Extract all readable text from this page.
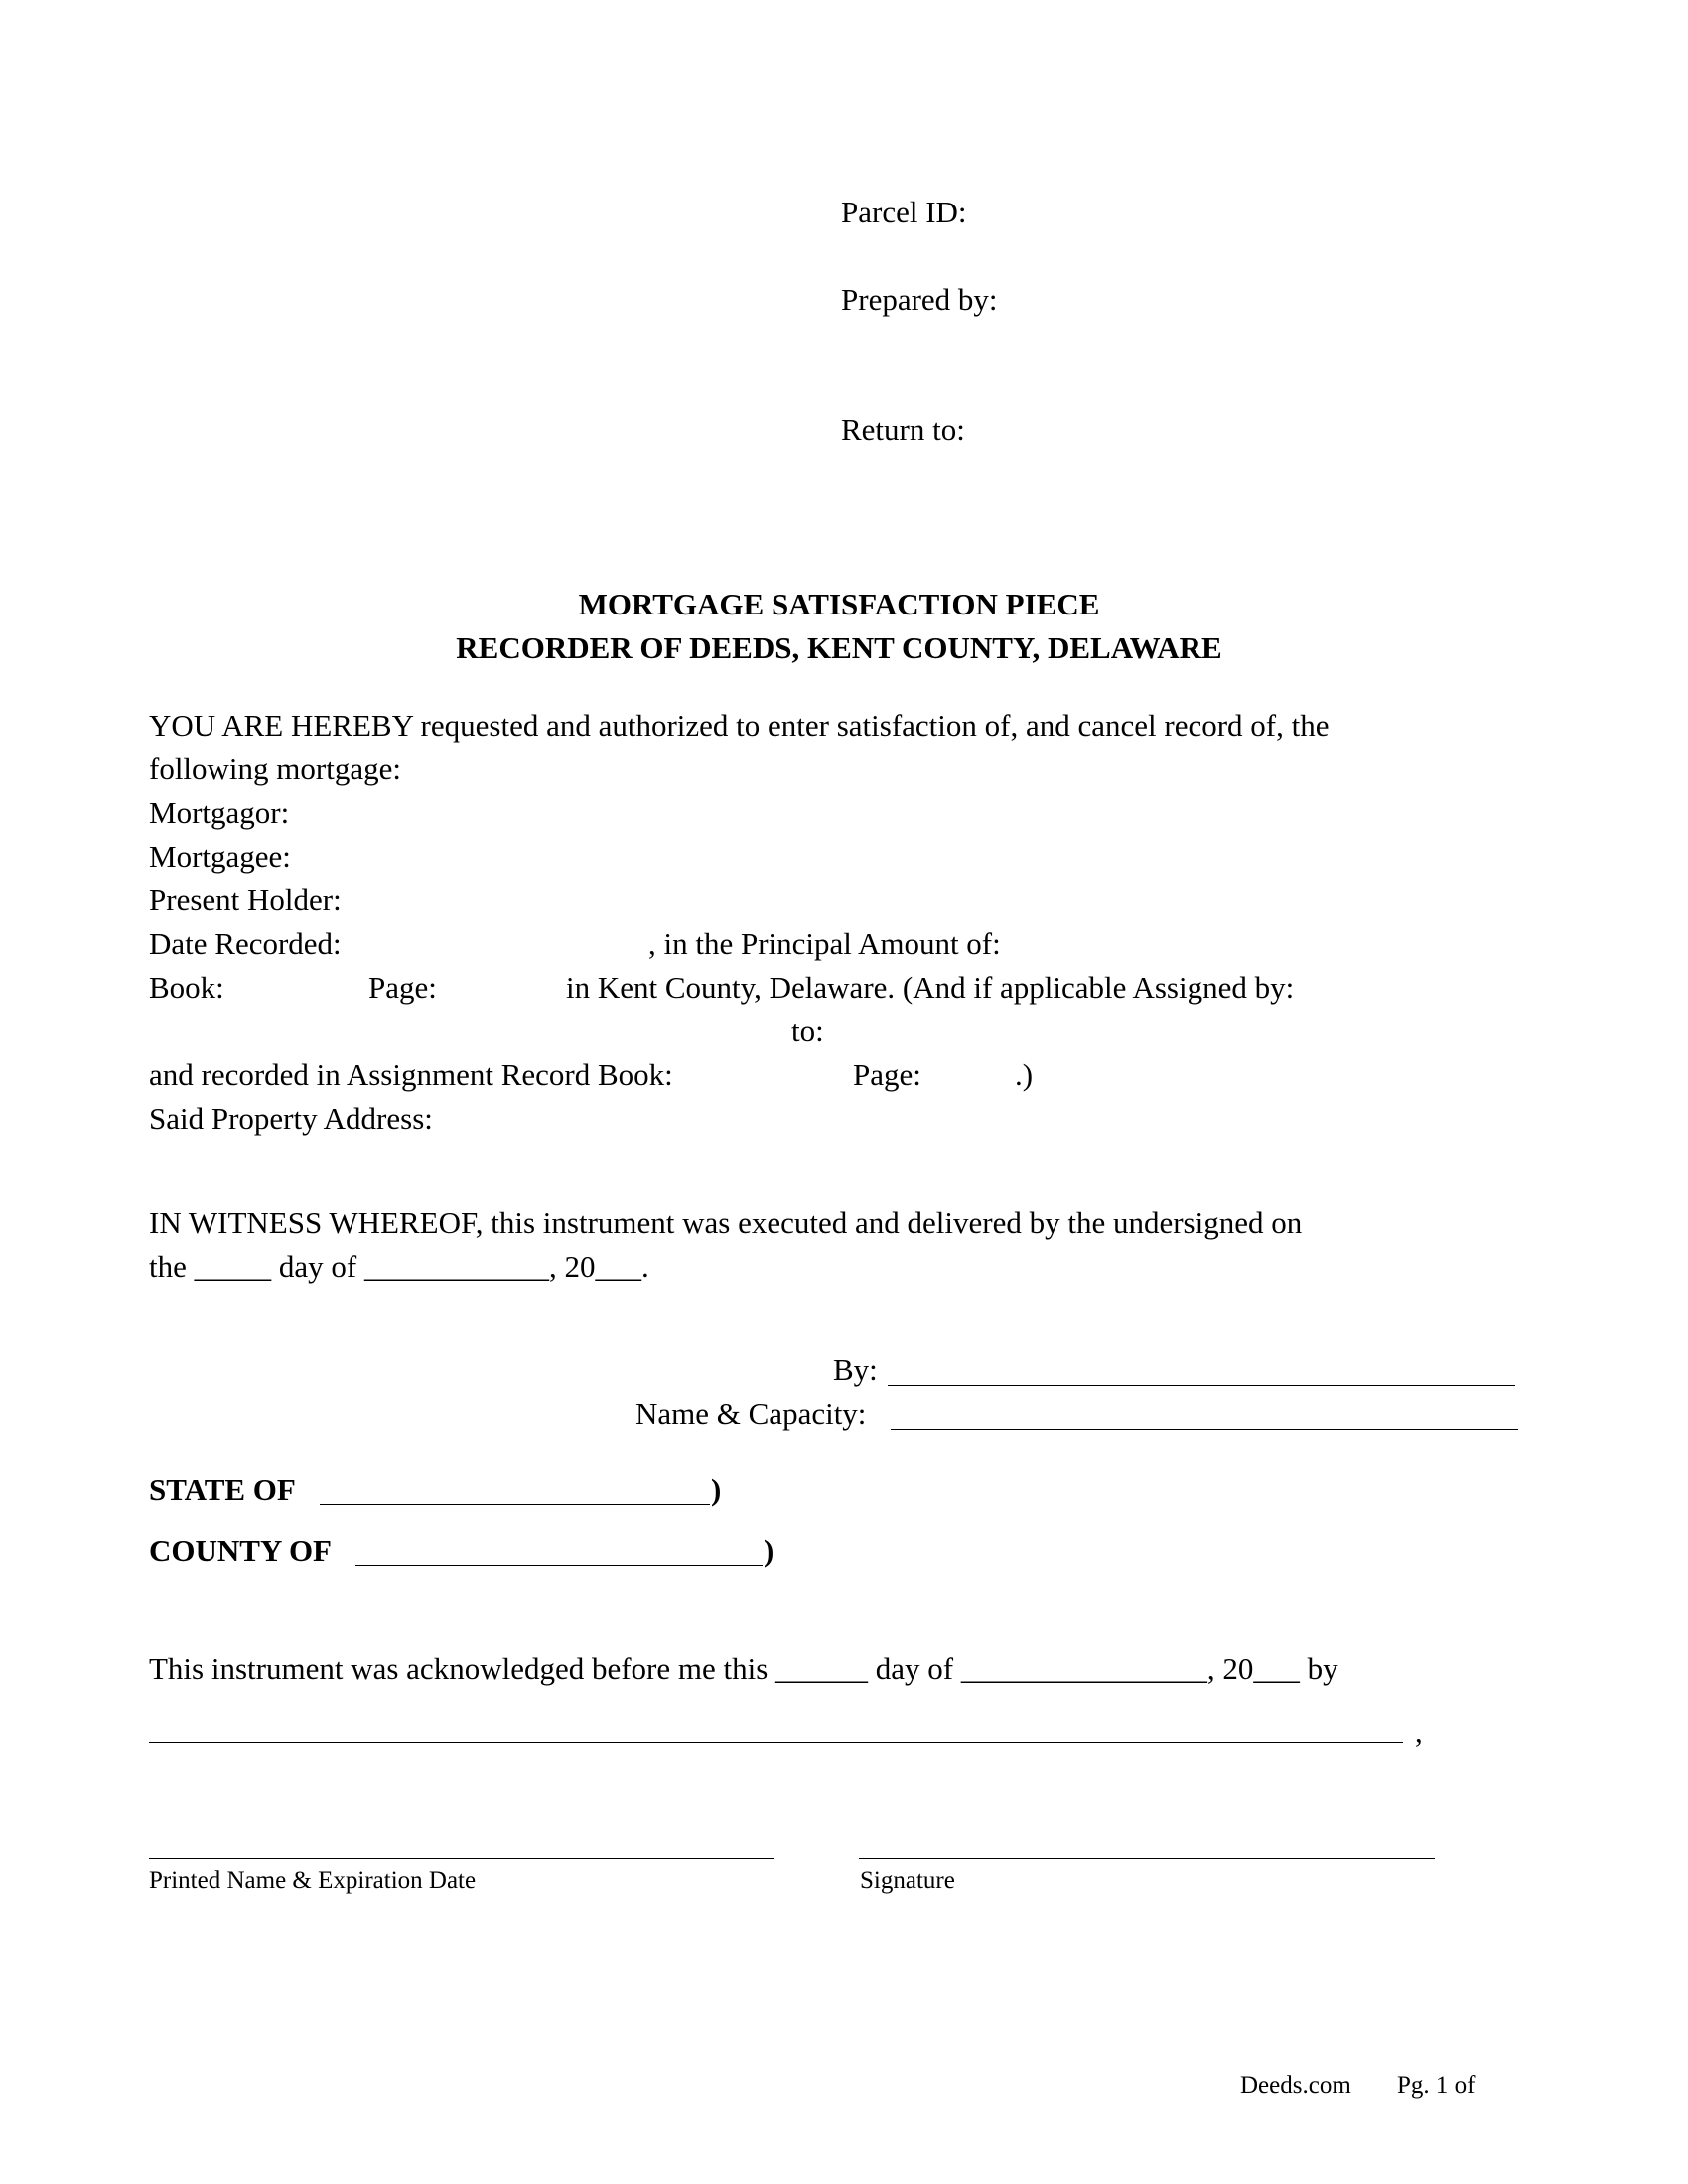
Parcel ID:
Prepared by:
Return to:
MORTGAGE SATISFACTION PIECE
RECORDER OF DEEDS, KENT COUNTY, DELAWARE
YOU ARE HEREBY requested and authorized to enter satisfaction of, and cancel record of, the
following mortgage:
Mortgagor:
Mortgagee:
Present Holder:
Date Recorded:	, in the Principal Amount of:
Book:	Page:	in Kent County, Delaware. (And if applicable Assigned by:
to:
and recorded in Assignment Record Book:	Page:	.)
Said Property Address:
IN WITNESS WHEREOF, this instrument was executed and delivered by the undersigned on
the _____ day of ____________, 20___.
By:
Name & Capacity:
STATE OF	)
COUNTY OF	)
This instrument was acknowledged before me this ______ day of ________________, 20___ by
,
Printed Name & Expiration Date	Signature
Deeds.com Pg. 1 of
